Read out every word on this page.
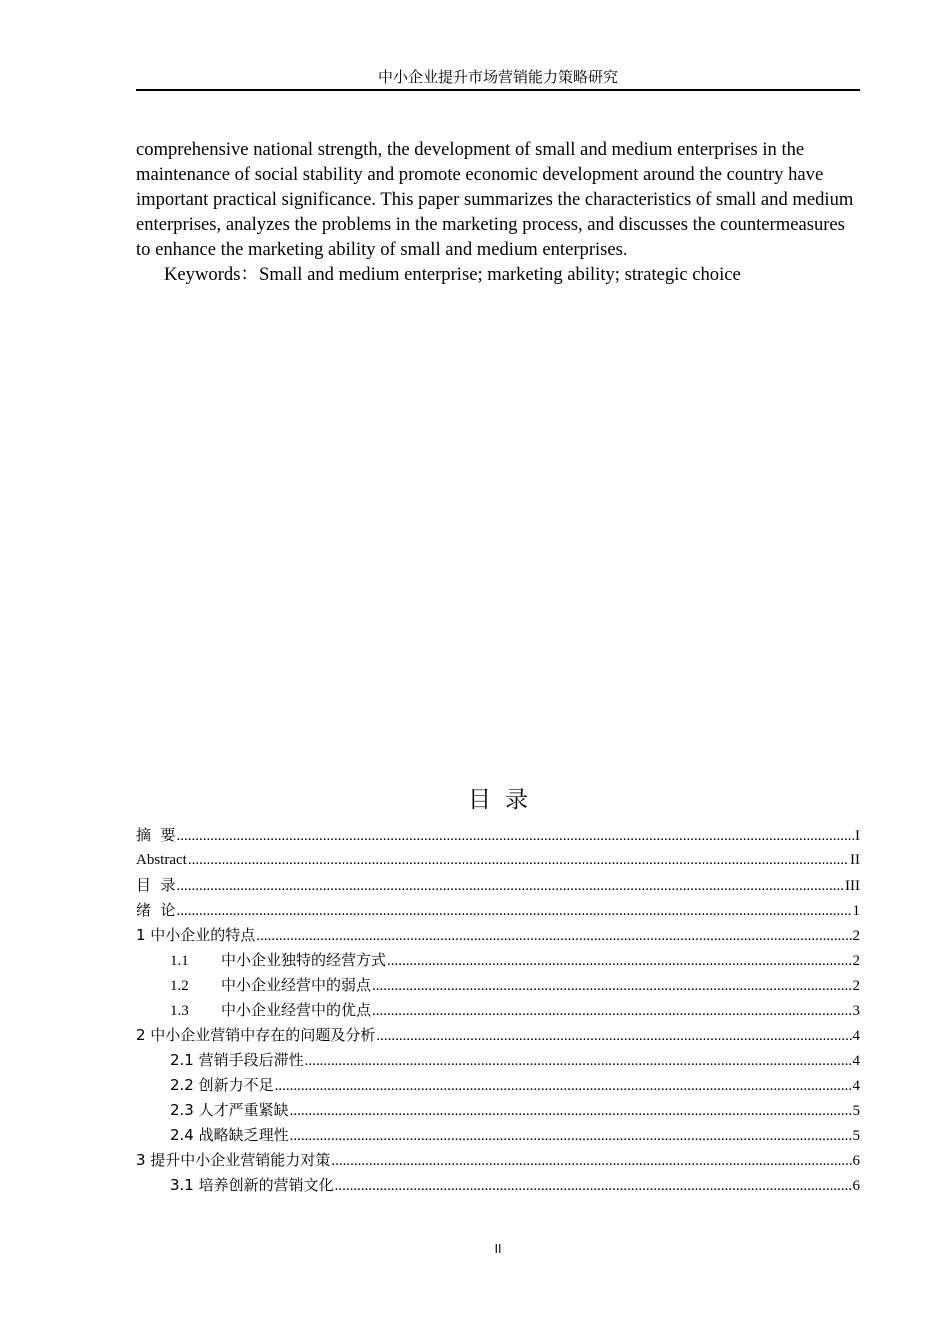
中小企业提升市场营销能力策略研究

comprehensive national strength, the development of small and medium enterprises in the maintenance of social stability and promote economic development around the country have important practical significance. This paper summarizes the characteristics of small and medium enterprises, analyzes the problems in the marketing process, and discusses the countermeasures to enhance the marketing ability of small and medium enterprises.

Keywords：Small and medium enterprise; marketing ability; strategic choice

目录
摘  要 .....	I
Abstract .....	II
目  录 .....	III
绪  论 .....	1
1 中小企业的特点 .....	2
1.1 中小企业独特的经营方式 .....	2
1.2 中小企业经营中的弱点 .....	2
1.3 中小企业经营中的优点 .....	3
2 中小企业营销中存在的问题及分析 .....	4
2.1 营销手段后滞性 .....	4
2.2 创新力不足 .....	4
2.3 人才严重紧缺 .....	5
2.4 战略缺乏理性 .....	5
3 提升中小企业营销能力对策 .....	6
3.1 培养创新的营销文化 .....	6
II
